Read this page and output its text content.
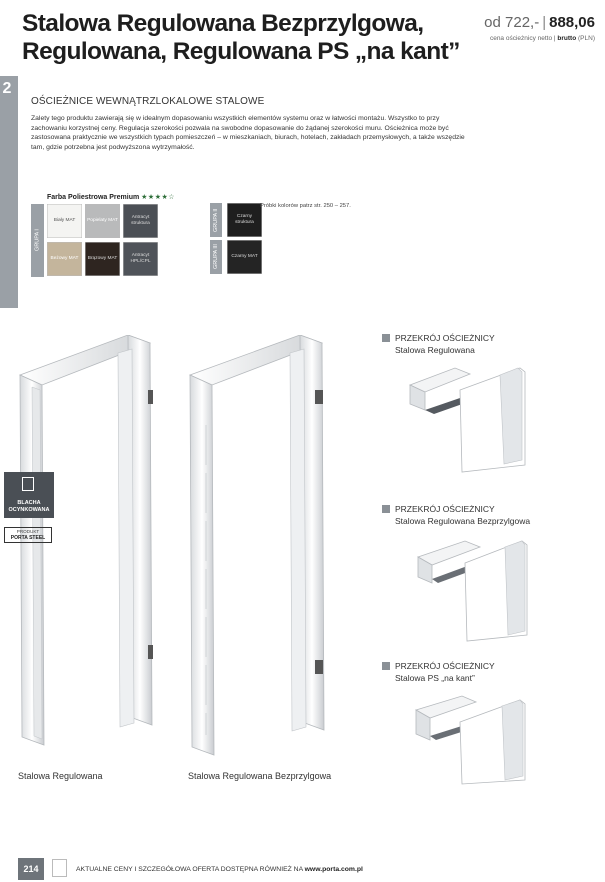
Stalowa Regulowana Bezprzylgowa, Regulowana, Regulowana PS „na kant”
od 722,- | 888,06
cena ościeżnicy netto | brutto (PLN)
2
OŚCIEŻNICE WEWNĄTRZLOKALOWE STALOWE
Zalety tego produktu zawierają się w idealnym dopasowaniu wszystkich elementów systemu oraz w łatwości montażu. Wszystko to przy zachowaniu korzystnej ceny. Regulacja szerokości pozwala na swobodne dopasowanie do żądanej szerokości muru. Ościeżnica może być zastosowana praktycznie we wszystkich typach pomieszczeń – w mieszkaniach, biurach, hotelach, zakładach przemysłowych, a także wszędzie tam, gdzie potrzebna jest podwyższona wytrzymałość.
Farba Poliestrowa Premium ★★★★☆
GRUPA I
Biały MAT Popielaty MAT
Antracyt struktura
Beżowy MAT Brązowy MAT
Antracyt HPL/CPL
GRUPA II	Czarny struktura
GRUPA III	Czarny MAT
Próbki kolorów patrz str. 250 – 257.
BLACHA OCYNKOWANA
PRODUKT
PORTA STEEL
Stalowa Regulowana	Stalowa Regulowana Bezprzylgowa
PRZEKRÓJ OŚCIEŻNICY
Stalowa Regulowana
PRZEKRÓJ OŚCIEŻNICY
Stalowa Regulowana Bezprzylgowa
PRZEKRÓJ OŚCIEŻNICY
Stalowa PS „na kant”
214	AKTUALNE CENY I SZCZEGÓŁOWA OFERTA DOSTĘPNA RÓWNIEŻ NA www.porta.com.pl
